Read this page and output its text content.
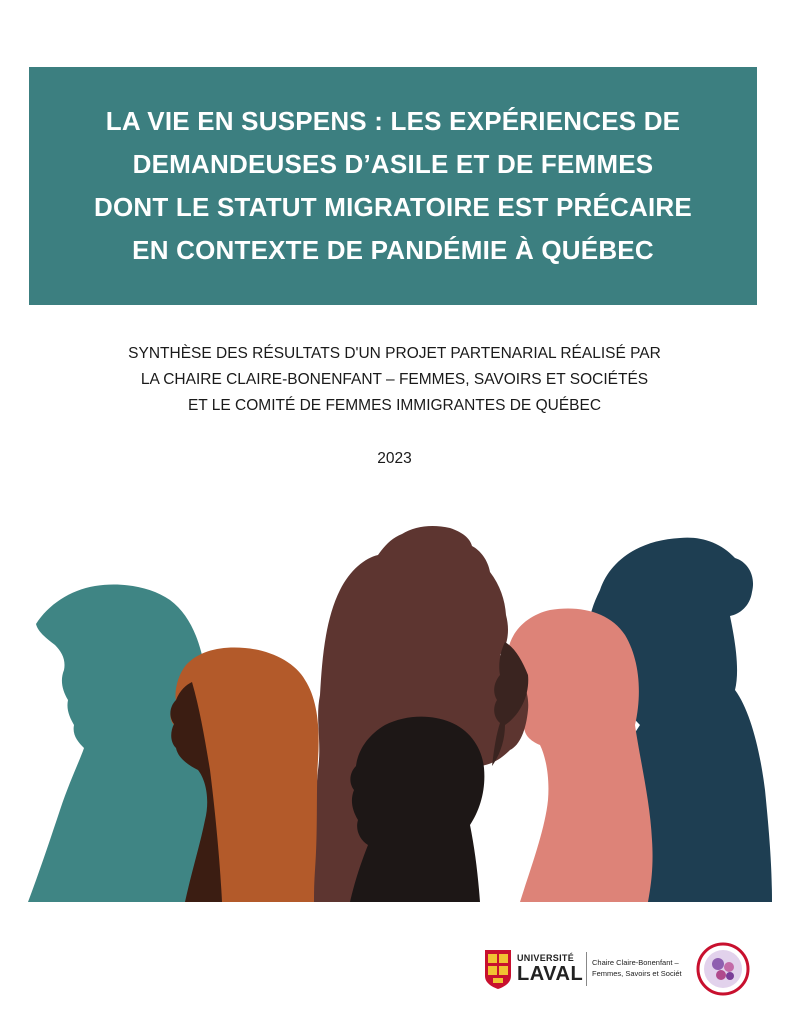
LA VIE EN SUSPENS : LES EXPÉRIENCES DE
DEMANDEUSES D’ASILE ET DE FEMMES
DONT LE STATUT MIGRATOIRE EST PRÉCAIRE
EN CONTEXTE DE PANDÉMIE À QUÉBEC
SYNTHÈSE DES RÉSULTATS D'UN PROJET PARTENARIAL RÉALISÉ PAR
LA CHAIRE CLAIRE-BONENFANT – FEMMES, SAVOIRS ET SOCIÉTÉS
ET LE COMITÉ DE FEMMES IMMIGRANTES DE QUÉBEC
2023
UNIVERSITÉ
LAVAL
Chaire Claire-Bonenfant –
Femmes, Savoirs et Sociét
